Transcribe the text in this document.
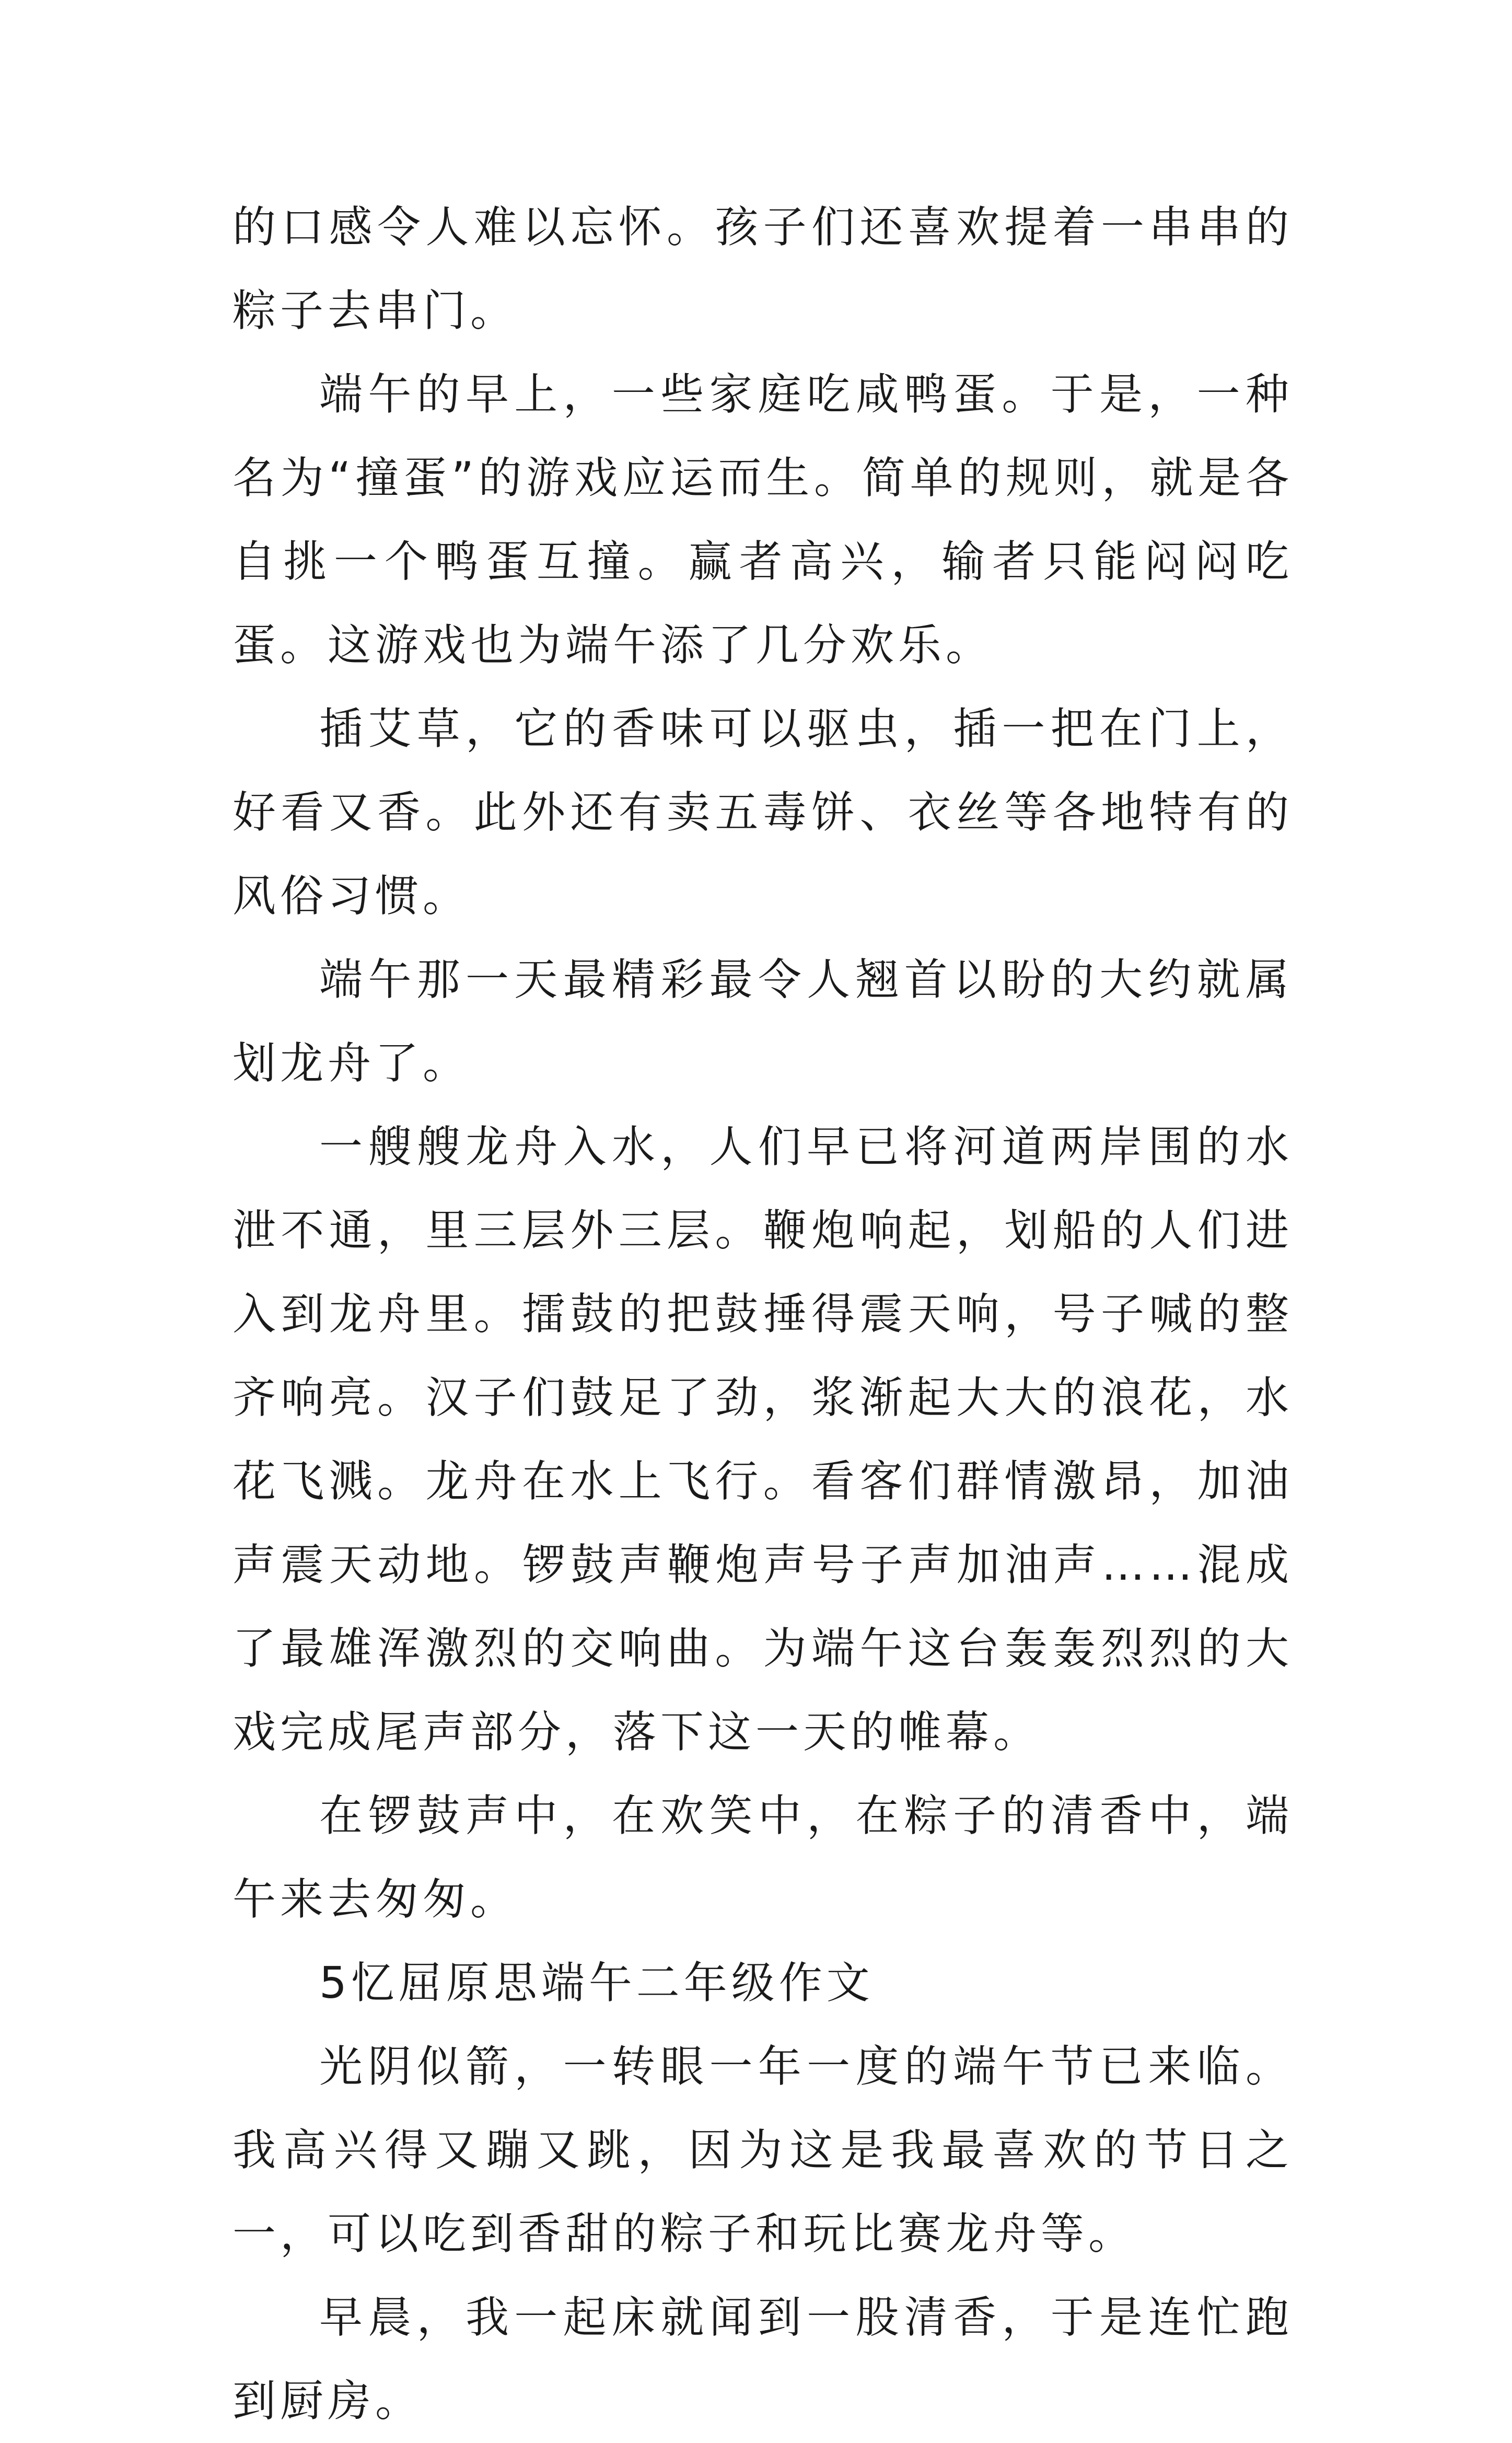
的口感令人难以忘怀。孩子们还喜欢提着一串串的粽子去串门。

端午的早上，一些家庭吃咸鸭蛋。于是，一种名为“撞蛋”的游戏应运而生。简单的规则，就是各自挑一个鸭蛋互撞。赢者高兴，输者只能闷闷吃蛋。这游戏也为端午添了几分欢乐。

插艾草，它的香味可以驱虫，插一把在门上，好看又香。此外还有卖五毒饼、衣丝等各地特有的风俗习惯。

端午那一天最精彩最令人翘首以盼的大约就属划龙舟了。

一艘艘龙舟入水，人们早已将河道两岸围的水泄不通，里三层外三层。鞭炮响起，划船的人们进入到龙舟里。擂鼓的把鼓捶得震天响，号子喊的整齐响亮。汉子们鼓足了劲，浆渐起大大的浪花，水花飞溅。龙舟在水上飞行。看客们群情激昂，加油声震天动地。锣鼓声鞭炮声号子声加油声……混成了最雄浑激烈的交响曲。为端午这台轰轰烈烈的大戏完成尾声部分，落下这一天的帷幕。

在锣鼓声中，在欢笑中，在粽子的清香中，端午来去匆匆。

5忆屈原思端午二年级作文

光阴似箭，一转眼一年一度的端午节已来临。我高兴得又蹦又跳，因为这是我最喜欢的节日之一，可以吃到香甜的粽子和玩比赛龙舟等。

早晨，我一起床就闻到一股清香，于是连忙跑到厨房。
